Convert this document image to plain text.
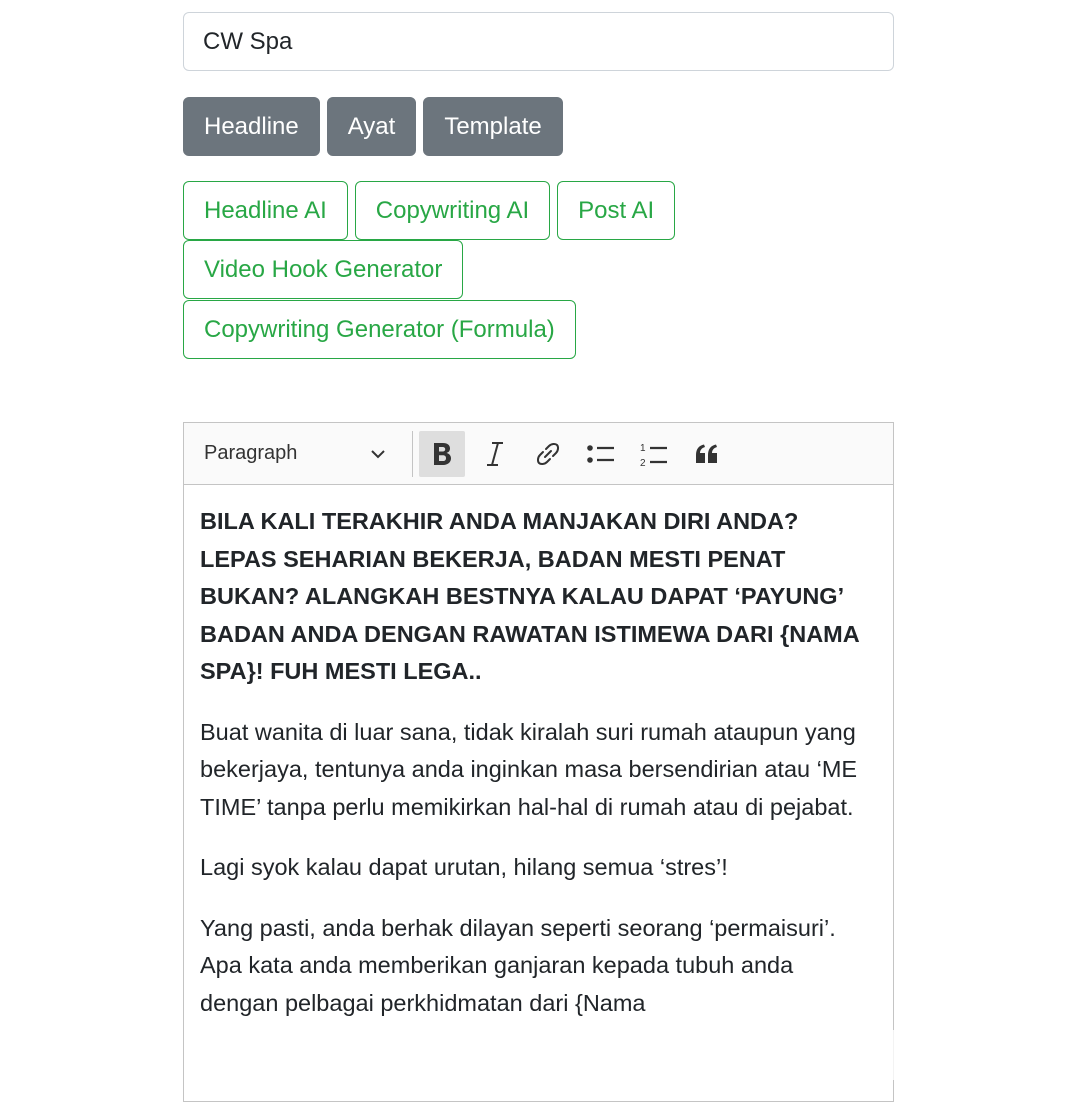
CW Spa
Headline	Ayat	Template
Headline AI	Copywriting AI	Post AI
Video Hook Generator
Copywriting Generator (Formula)
Paragraph	1
2

BILA KALI TERAKHIR ANDA MANJAKAN DIRI ANDA? LEPAS SEHARIAN BEKERJA, BADAN MESTI PENAT BUKAN? ALANGKAH BESTNYA KALAU DAPAT ‘PAYUNG’ BADAN ANDA DENGAN RAWATAN ISTIMEWA DARI {NAMA SPA}! FUH MESTI LEGA..

Buat wanita di luar sana, tidak kiralah suri rumah ataupun yang bekerjaya, tentunya anda inginkan masa bersendirian atau ‘ME TIME’ tanpa perlu memikirkan hal-hal di rumah atau di pejabat.

Lagi syok kalau dapat urutan, hilang semua ‘stres’!

Yang pasti, anda berhak dilayan seperti seorang ‘permaisuri’. Apa kata anda memberikan ganjaran kepada tubuh anda dengan pelbagai perkhidmatan dari {Nama
